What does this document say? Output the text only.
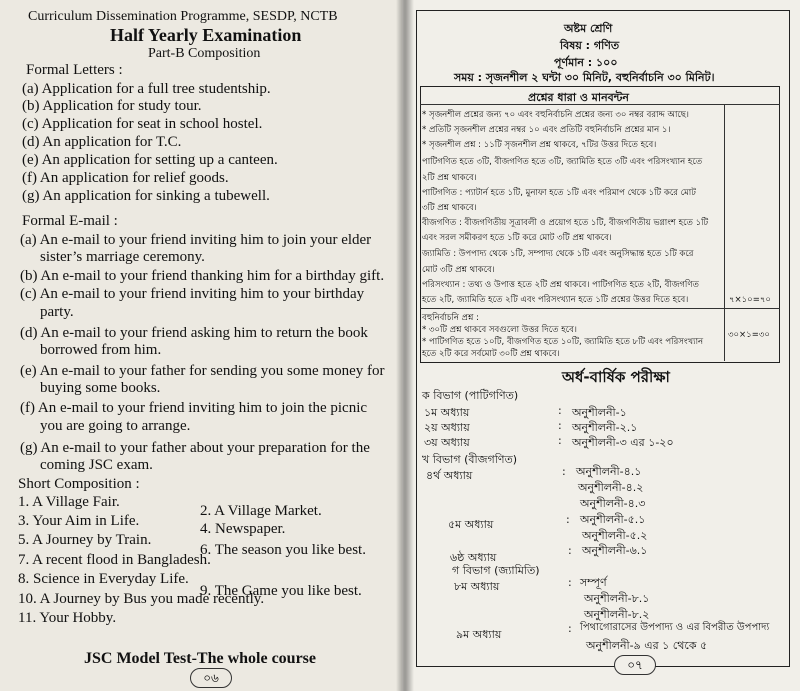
Curriculum Dissemination Programme, SESDP, NCTB
Half Yearly Examination
Part-B Composition
Formal Letters :
(a) Application for a full tree studentship.
(b) Application for study tour.
(c) Application for seat in school hostel.
(d) An application for T.C.
(e) An application for setting up a canteen.
(f) An application for relief goods.
(g) An application for sinking a tubewell.
Formal E-mail :
(a) An e-mail to your friend inviting him to join your elder
sister’s marriage ceremony.
(b) An e-mail to your friend thanking him for a birthday gift.
(c) An e-mail to your friend inviting him to your birthday
party.
(d) An e-mail to your friend asking him to return the book
borrowed from him.
(e) An e-mail to your father for sending you some money for
buying some books.
(f) An e-mail to your friend inviting him to join the picnic
you are going to arrange.
(g) An e-mail to your father about your preparation for the
coming JSC exam.
Short Composition :
1. A Village Fair.
2. A Village Market.
3. Your Aim in Life.	4. Newspaper.
5. A Journey by Train.
6. The season you like best.
7. A recent flood in Bangladesh.
8. Science in Everyday Life.
9. The Game you like best.
10. A Journey by Bus you made recently.
11. Your Hobby.
JSC Model Test-The whole course
০৬
অষ্টম শ্রেণি
বিষয় : গণিত
পূর্ণমান : ১০০
সময় : সৃজনশীল ২ ঘন্টা ৩০ মিনিট, বহুনির্বাচনি ৩০ মিনিট।
প্রশ্নের ধারা ও মানবন্টন
* সৃজনশীল প্রশ্নের জন্য ৭০ এবং বহুনির্বাচনি প্রশ্নের জন্য ৩০ নম্বর বরাদ্দ আছে।
* প্রতিটি সৃজনশীল প্রশ্নের নম্বর ১০ এবং প্রতিটি বহুনির্বাচনি প্রশ্নের মান ১।
* সৃজনশীল প্রশ্ন : ১১টি সৃজনশীল প্রশ্ন থাকবে, ৭টির উত্তর দিতে হবে।
পাটিগণিত হতে ৩টি, বীজগণিত হতে ৩টি, জ্যামিতি হতে ৩টি এবং পরিসংখ্যান হতে
২টি প্রশ্ন থাকবে।
পাটিগণিত : প্যাটার্ন হতে ১টি, মুনাফা হতে ১টি এবং পরিমাপ থেকে ১টি করে মোট
৩টি প্রশ্ন থাকবে।
বীজগণিত : বীজগণিতীয় সূত্রাবলী ও প্রয়োগ হতে ১টি, বীজগণিতীয় ভগ্নাংশ হতে ১টি
এবং সরল সমীকরণ হতে ১টি করে মোট ৩টি প্রশ্ন থাকবে।
জ্যামিতি : উপপাদ্য থেকে ১টি, সম্পাদ্য থেকে ১টি এবং অনুসিদ্ধান্ত হতে ১টি করে
মোট ৩টি প্রশ্ন থাকবে।
পরিসংখ্যান : তথ্য ও উপাত্ত হতে ২টি প্রশ্ন থাকবে। পাটিগণিত হতে ২টি, বীজগণিত
হতে ২টি, জ্যামিতি হতে ২টি এবং পরিসংখ্যান হতে ১টি প্রশ্নের উত্তর দিতে হবে।	৭×১০=৭০
বহুনির্বাচনি প্রশ্ন :
* ৩০টি প্রশ্ন থাকবে সবগুলো উত্তর দিতে হবে।
* পাটিগণিত হতে ১০টি, বীজগণিত হতে ১০টি, জ্যামিতি হতে ৮টি এবং পরিসংখ্যান
হতে ২টি করে সর্বমোট ৩০টি প্রশ্ন থাকবে।
৩০×১=৩০
অর্ধ-বার্ষিক পরীক্ষা
ক বিভাগ (পাটিগণিত)
১ম অধ্যায়	: অনুশীলনী-১
২য় অধ্যায়	: অনুশীলনী-২.১
৩য় অধ্যায়	: অনুশীলনী-৩ এর ১-২০
খ বিভাগ (বীজগণিত)
৪র্থ অধ্যায়	: অনুশীলনী-৪.১
অনুশীলনী-৪.২
অনুশীলনী-৪.৩
৫ম অধ্যায়	: অনুশীলনী-৫.১
অনুশীলনী-৫.২
৬ষ্ঠ অধ্যায়
: অনুশীলনী-৬.১
গ বিভাগ (জ্যামিতি)
৮ম অধ্যায়	: সম্পূর্ণ
অনুশীলনী-৮.১
অনুশীলনী-৮.২
৯ম অধ্যায়	: পিথাগোরাসের উপপাদ্য ও এর বিপরীত উপপাদ্য
অনুশীলনী-৯ এর ১ থেকে ৫
০৭
